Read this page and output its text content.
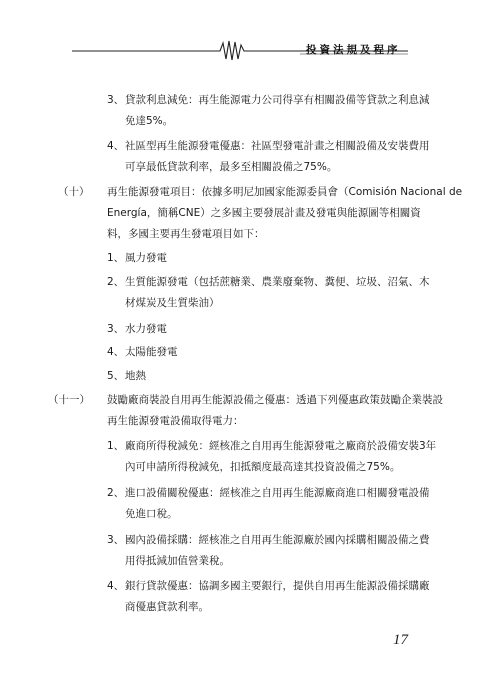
投資法規及程序
3、 貸款利息減免：再生能源電力公司得享有相關設備等貸款之利息減
免達5%。
4、 社區型再生能源發電優惠：社區型發電計畫之相關設備及安裝費用
可享最低貸款利率，最多至相關設備之75%。
（十） 再生能源發電項目：依據多明尼加國家能源委員會（Comisión Nacional de
Energía，簡稱CNE）之多國主要發展計畫及發電與能源圖等相關資
料，多國主要再生發電項目如下：
1、 風力發電
2、 生質能源發電（包括蔗糖業、農業廢棄物、糞便、垃圾、沼氣、木
材煤炭及生質柴油）
3、 水力發電
4、 太陽能發電
5、 地熱
（十一） 鼓勵廠商裝設自用再生能源設備之優惠：透過下列優惠政策鼓勵企業裝設
再生能源發電設備取得電力：
1、 廠商所得稅減免：經核准之自用再生能源發電之廠商於設備安裝3年
內可申請所得稅減免，扣抵額度最高達其投資設備之75%。
2、 進口設備關稅優惠：經核准之自用再生能源廠商進口相關發電設備
免進口稅。
3、 國內設備採購：經核准之自用再生能源廠於國內採購相關設備之費
用得抵減加值營業稅。
4、 銀行貸款優惠：協調多國主要銀行，提供自用再生能源設備採購廠
商優惠貸款利率。
17
